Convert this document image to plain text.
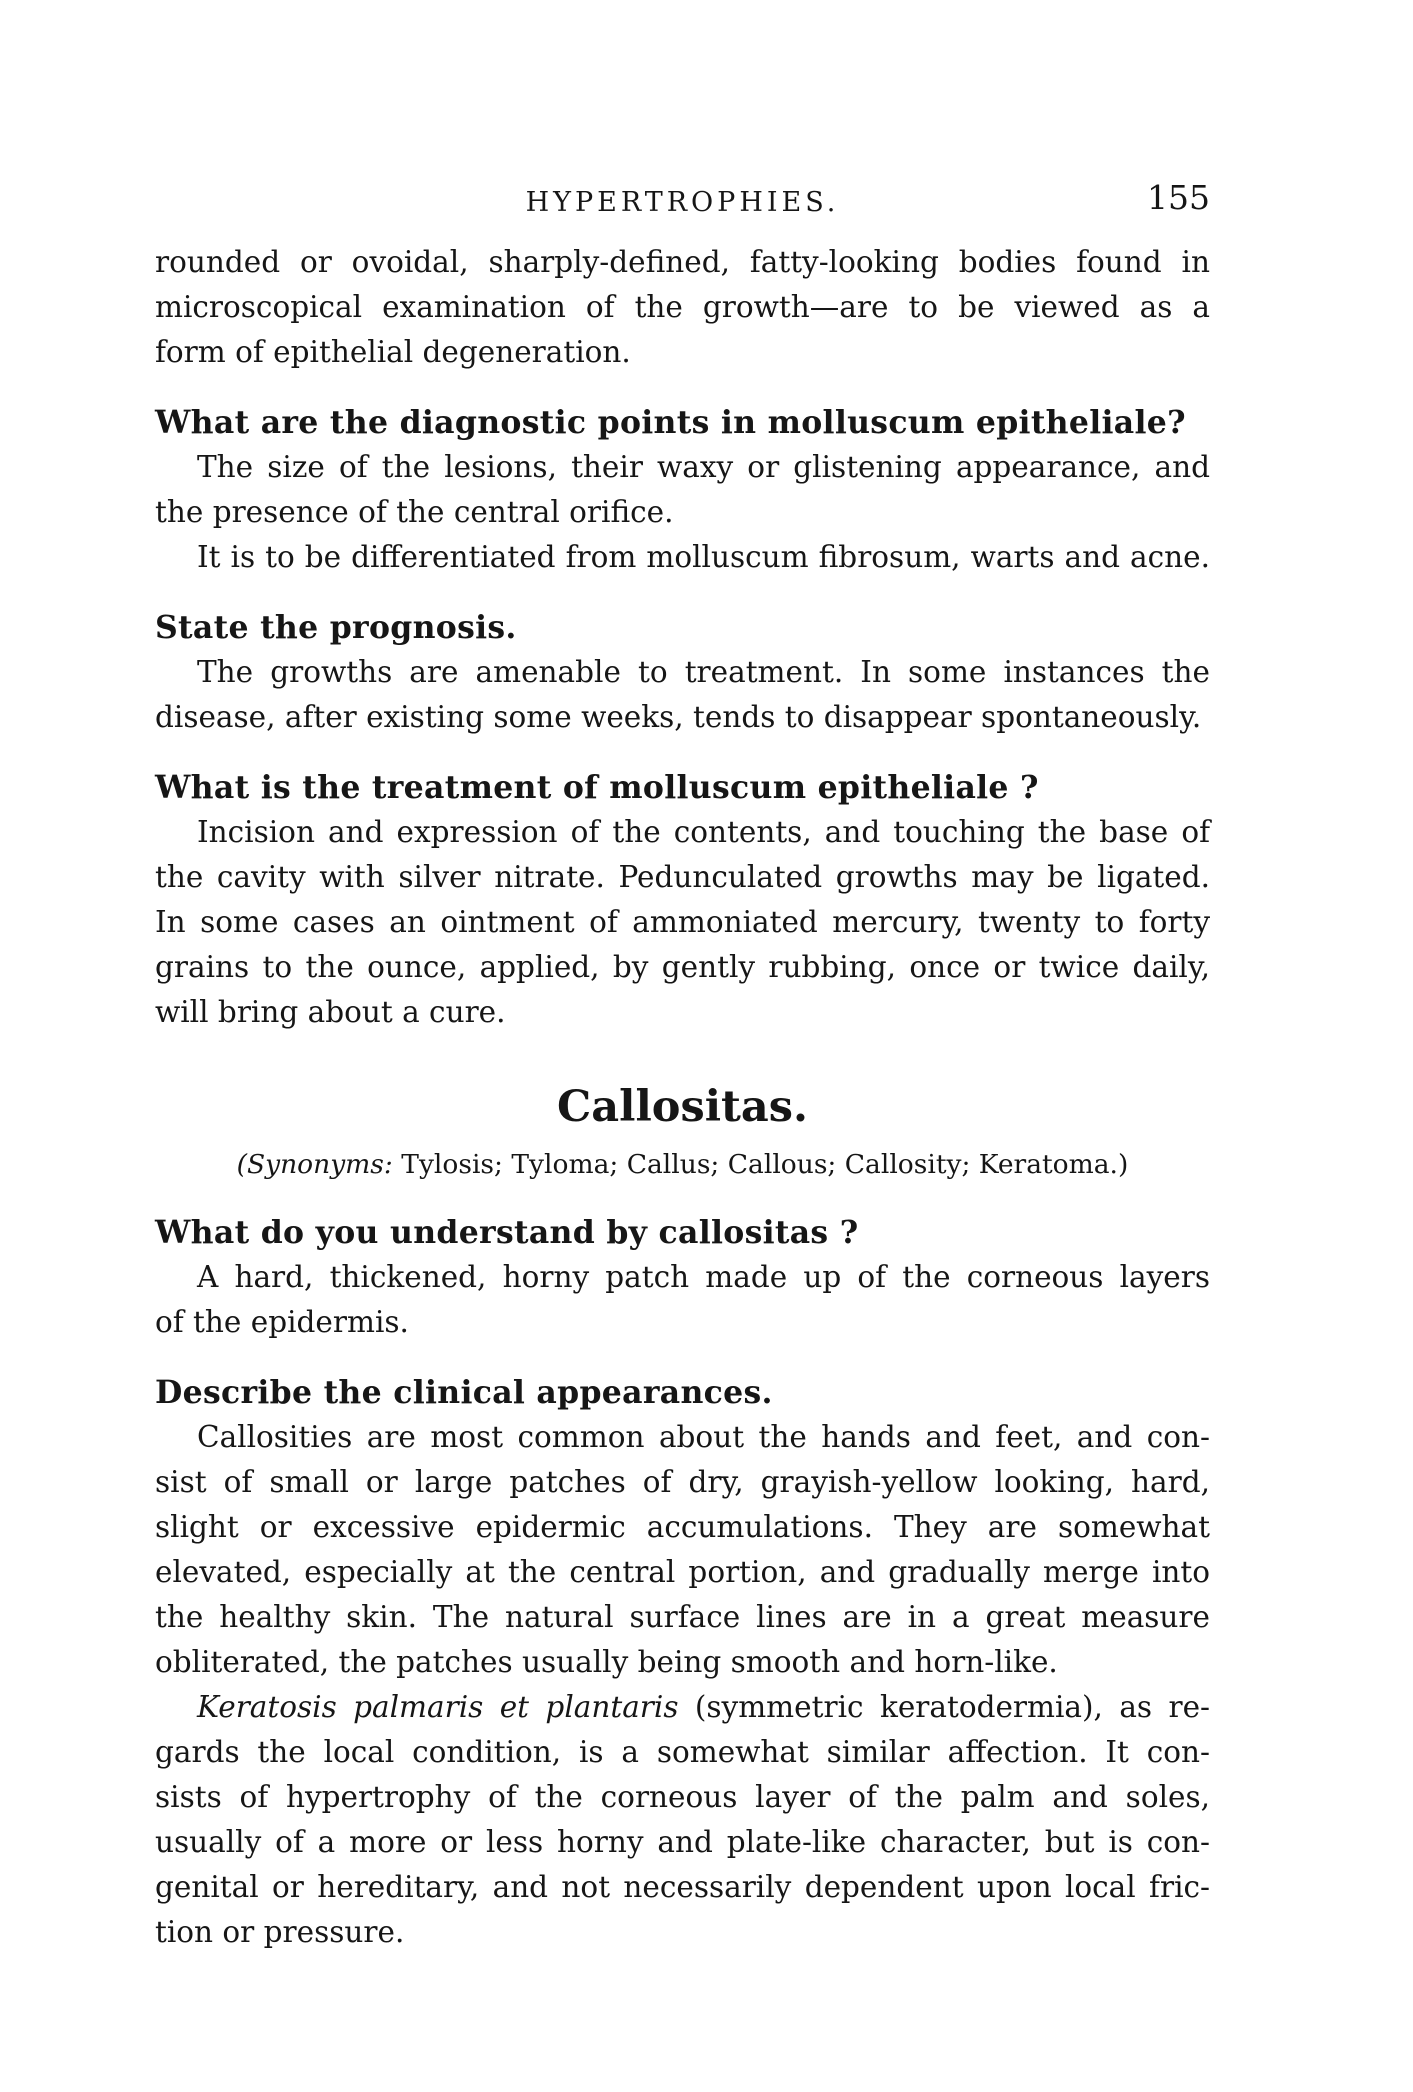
HYPERTROPHIES.	155
rounded or ovoidal, sharply-defined, fatty-looking bodies found in
microscopical examination of the growth—are to be viewed as a
form of epithelial degeneration.
What are the diagnostic points in molluscum epitheliale?
The size of the lesions, their waxy or glistening appearance, and
the presence of the central orifice.
It is to be differentiated from molluscum fibrosum, warts and acne.
State the prognosis.
The growths are amenable to treatment. In some instances the
disease, after existing some weeks, tends to disappear spontaneously.
What is the treatment of molluscum epitheliale ?
Incision and expression of the contents, and touching the base of
the cavity with silver nitrate. Pedunculated growths may be ligated.
In some cases an ointment of ammoniated mercury, twenty to forty
grains to the ounce, applied, by gently rubbing, once or twice daily,
will bring about a cure.
Callositas.
(Synonyms: Tylosis; Tyloma; Callus; Callous; Callosity; Keratoma.)
What do you understand by callositas ?
A hard, thickened, horny patch made up of the corneous layers
of the epidermis.
Describe the clinical appearances.
Callosities are most common about the hands and feet, and con-
sist of small or large patches of dry, grayish-yellow looking, hard,
slight or excessive epidermic accumulations. They are somewhat
elevated, especially at the central portion, and gradually merge into
the healthy skin. The natural surface lines are in a great measure
obliterated, the patches usually being smooth and horn-like.
Keratosis palmaris et plantaris (symmetric keratodermia), as re-
gards the local condition, is a somewhat similar affection. It con-
sists of hypertrophy of the corneous layer of the palm and soles,
usually of a more or less horny and plate-like character, but is con-
genital or hereditary, and not necessarily dependent upon local fric-
tion or pressure.
